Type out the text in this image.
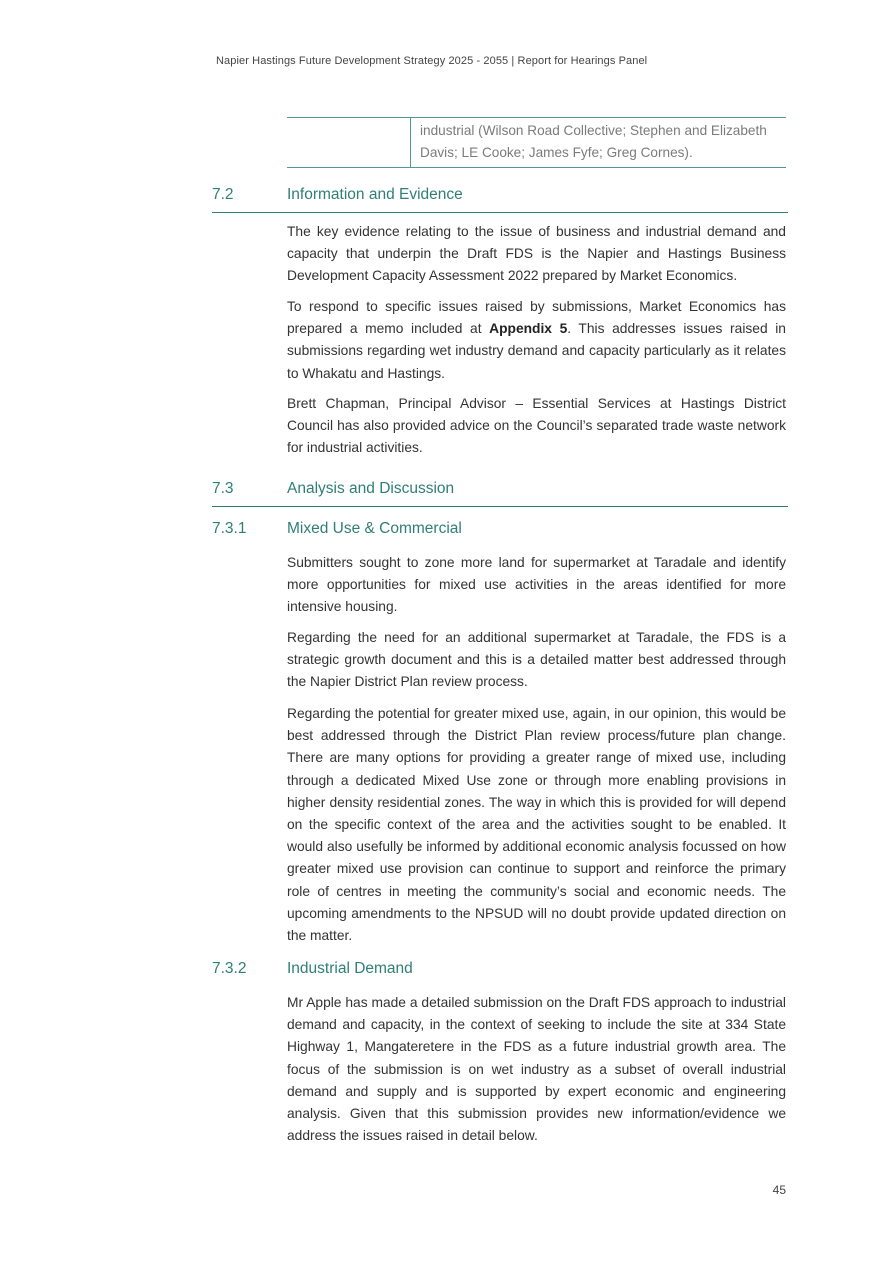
Napier Hastings Future Development Strategy 2025 - 2055 | Report for Hearings Panel
industrial (Wilson Road Collective; Stephen and Elizabeth Davis; LE Cooke; James Fyfe; Greg Cornes).
7.2	Information and Evidence

The key evidence relating to the issue of business and industrial demand and capacity that underpin the Draft FDS is the Napier and Hastings Business Development Capacity Assessment 2022 prepared by Market Economics.

To respond to specific issues raised by submissions, Market Economics has prepared a memo included at Appendix 5. This addresses issues raised in submissions regarding wet industry demand and capacity particularly as it relates to Whakatu and Hastings.

Brett Chapman, Principal Advisor – Essential Services at Hastings District Council has also provided advice on the Council’s separated trade waste network for industrial activities.

7.3	Analysis and Discussion
7.3.1	Mixed Use & Commercial

Submitters sought to zone more land for supermarket at Taradale and identify more opportunities for mixed use activities in the areas identified for more intensive housing.

Regarding the need for an additional supermarket at Taradale, the FDS is a strategic growth document and this is a detailed matter best addressed through the Napier District Plan review process.

Regarding the potential for greater mixed use, again, in our opinion, this would be best addressed through the District Plan review process/future plan change. There are many options for providing a greater range of mixed use, including through a dedicated Mixed Use zone or through more enabling provisions in higher density residential zones. The way in which this is provided for will depend on the specific context of the area and the activities sought to be enabled. It would also usefully be informed by additional economic analysis focussed on how greater mixed use provision can continue to support and reinforce the primary role of centres in meeting the community’s social and economic needs. The upcoming amendments to the NPSUD will no doubt provide updated direction on the matter.

7.3.2	Industrial Demand

Mr Apple has made a detailed submission on the Draft FDS approach to industrial demand and capacity, in the context of seeking to include the site at 334 State Highway 1, Mangateretere in the FDS as a future industrial growth area. The focus of the submission is on wet industry as a subset of overall industrial demand and supply and is supported by expert economic and engineering analysis. Given that this submission provides new information/evidence we address the issues raised in detail below.

45
